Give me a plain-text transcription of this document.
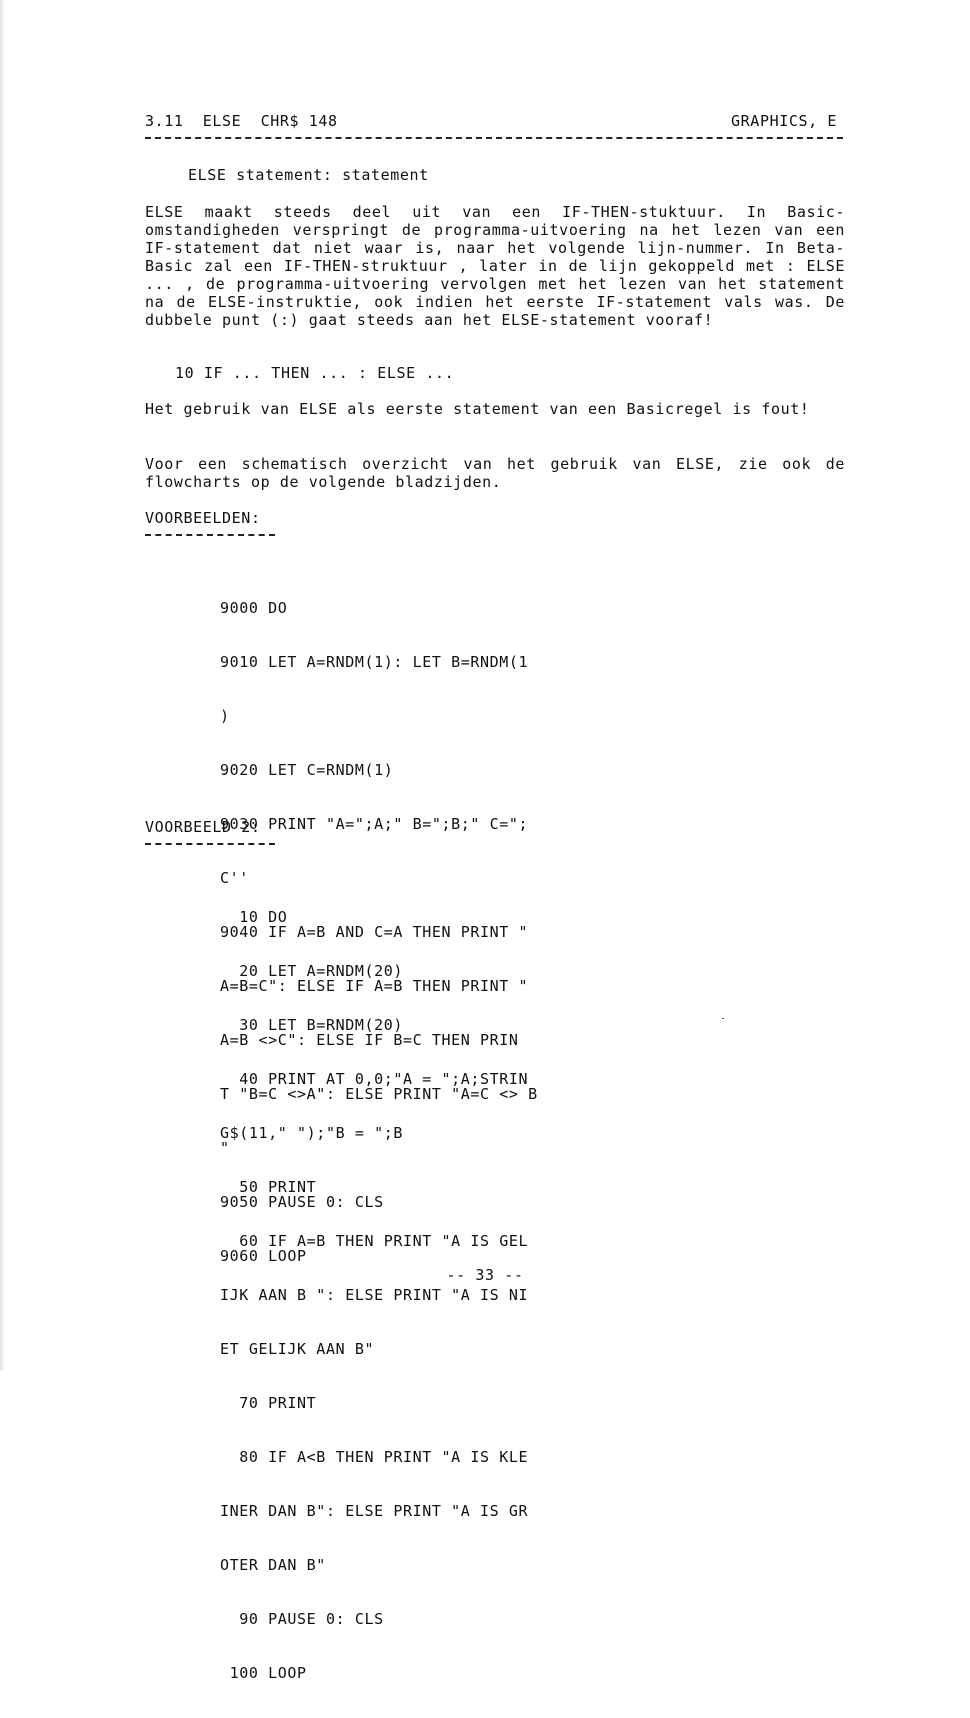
3.11  ELSE  CHR$ 148	GRAPHICS, E
ELSE statement: statement
ELSE maakt steeds deel uit van een IF-THEN-stuktuur. In Basic-omstandigheden verspringt de programma-uitvoering na het lezen van een IF-statement dat niet waar is, naar het volgende lijn-nummer. In Beta-Basic zal een IF-THEN-struktuur , later in de lijn gekoppeld met : ELSE ... , de programma-uitvoering vervolgen met het lezen van het statement na de ELSE-instruktie, ook indien het eerste IF-statement vals was. De dubbele punt (:) gaat steeds aan het ELSE-statement vooraf!
10 IF ... THEN ... : ELSE ...
Het gebruik van ELSE als eerste statement van een Basicregel is fout!
Voor een schematisch overzicht van het gebruik van ELSE, zie ook de flowcharts op de volgende bladzijden.
VOORBEELDEN:

9000 DO

9010 LET A=RNDM(1): LET B=RNDM(1

)

9020 LET C=RNDM(1)

9030 PRINT "A=";A;" B=";B;" C=";

C''

9040 IF A=B AND C=A THEN PRINT "

A=B=C": ELSE IF A=B THEN PRINT "

A=B <>C": ELSE IF B=C THEN PRIN

T "B=C <>A": ELSE PRINT "A=C <> B

"

9050 PAUSE 0: CLS

9060 LOOP

VOORBEELD 2:

10 DO

20 LET A=RNDM(20)

30 LET B=RNDM(20)

40 PRINT AT 0,0;"A = ";A;STRIN

G$(11," ");"B = ";B

50 PRINT

60 IF A=B THEN PRINT "A IS GEL

IJK AAN B ": ELSE PRINT "A IS NI

ET GELIJK AAN B"

70 PRINT

80 IF A<B THEN PRINT "A IS KLE

INER DAN B": ELSE PRINT "A IS GR

OTER DAN B"

90 PAUSE 0: CLS

100 LOOP

-- 33 --
